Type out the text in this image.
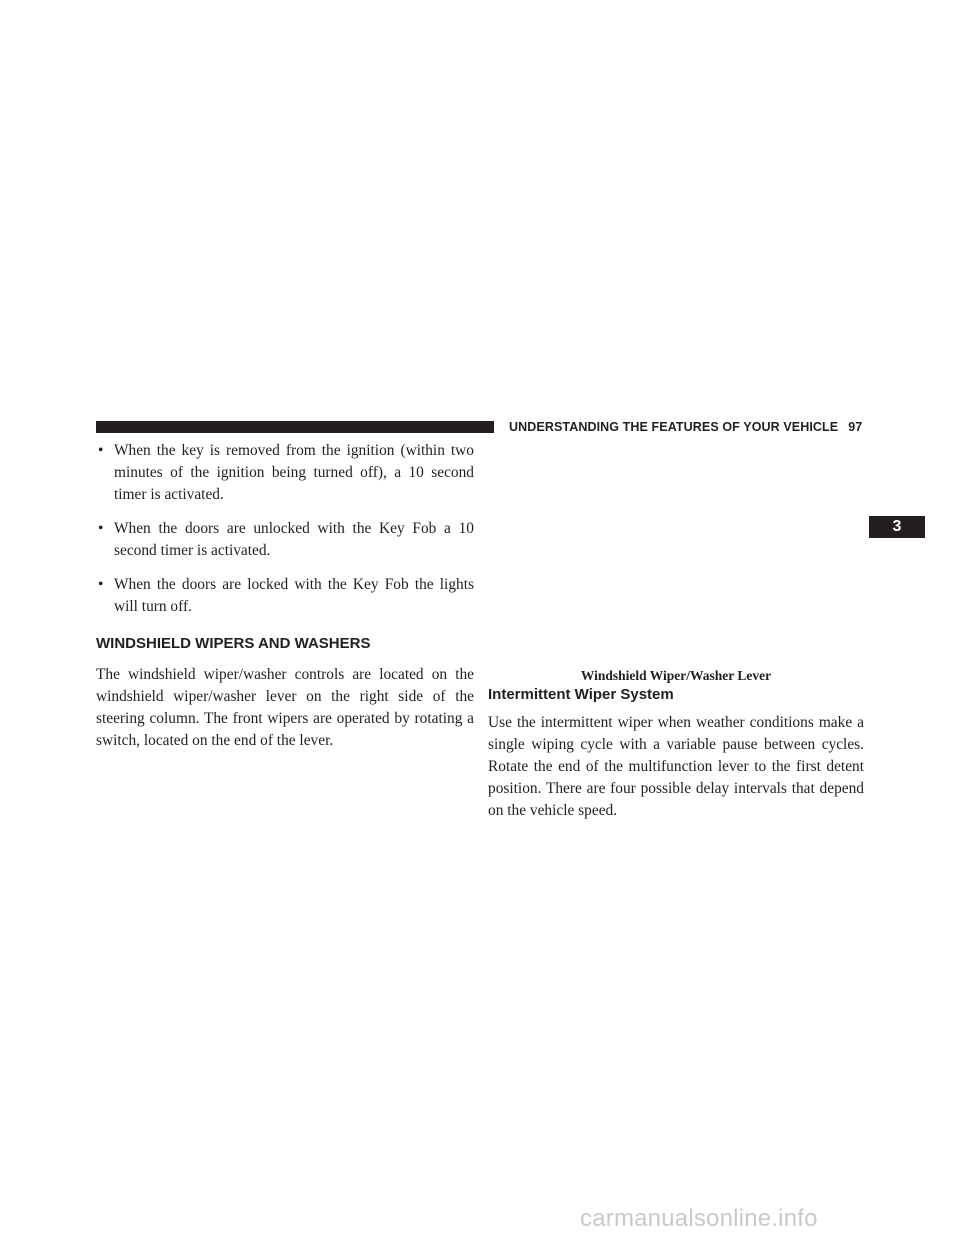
UNDERSTANDING THE FEATURES OF YOUR VEHICLE 97
3
• When the key is removed from the ignition (within two minutes of the ignition being turned off), a 10 second timer is activated.
• When the doors are unlocked with the Key Fob a 10 second timer is activated.
• When the doors are locked with the Key Fob the lights will turn off.
WINDSHIELD WIPERS AND WASHERS

The windshield wiper/washer controls are located on the windshield wiper/washer lever on the right side of the steering column. The front wipers are operated by rotating a switch, located on the end of the lever.

Windshield Wiper/Washer Lever
Intermittent Wiper System

Use the intermittent wiper when weather conditions make a single wiping cycle with a variable pause between cycles. Rotate the end of the multifunction lever to the first detent position. There are four possible delay intervals that depend on the vehicle speed.

carmanualsonline.info
